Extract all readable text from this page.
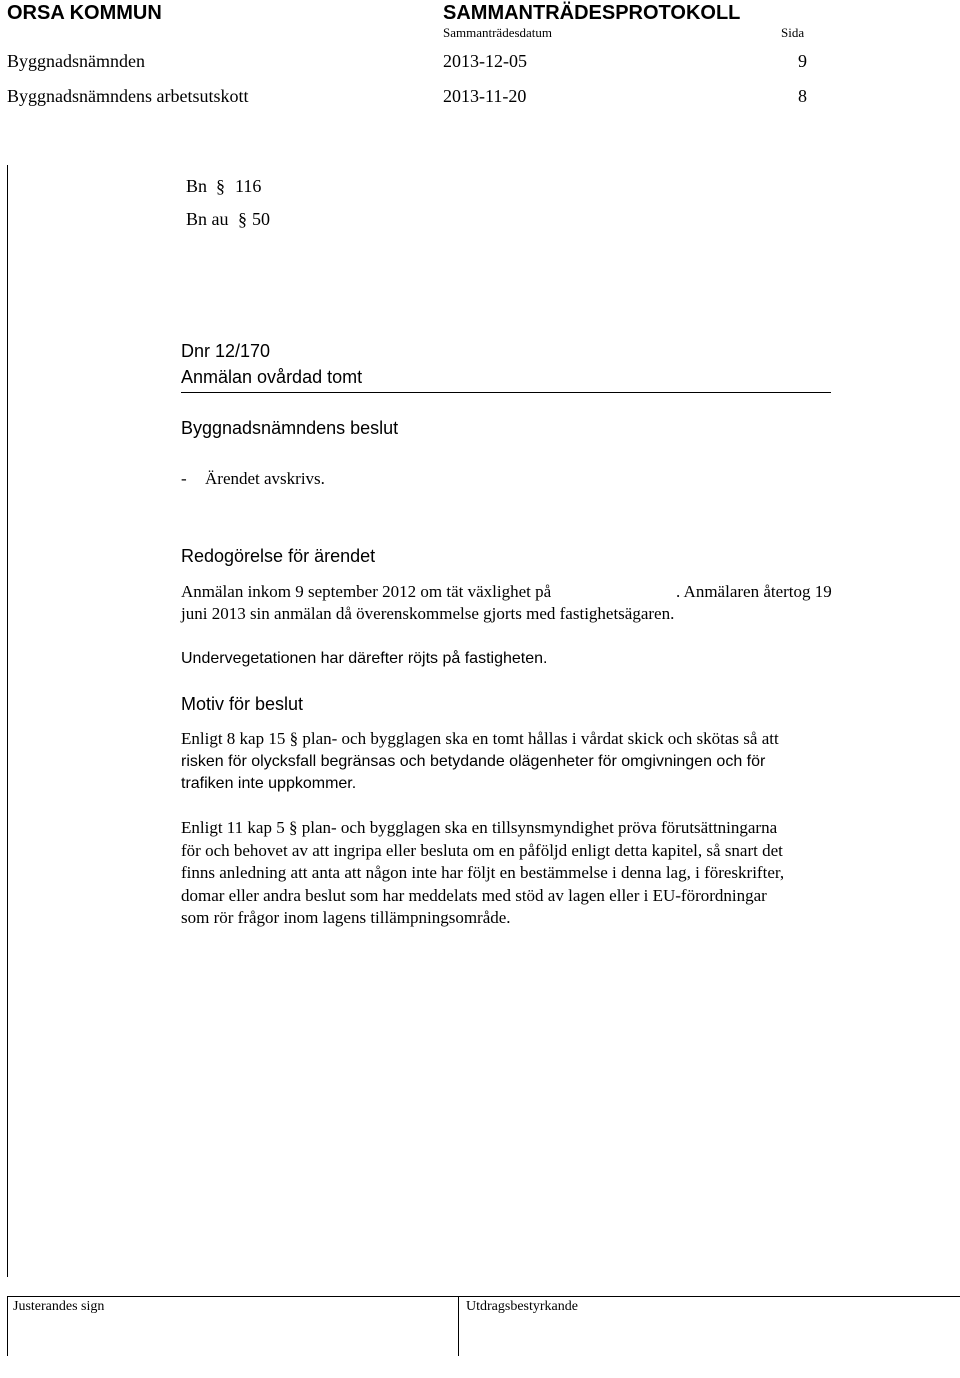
ORSA KOMMUN	SAMMANTRÄDESPROTOKOLL
Sammanträdesdatum	Sida
Byggnadsnämnden	2013-12-05	9
Byggnadsnämndens arbetsutskott	2013-11-20	8
Bn § 116
Bn au § 50
Dnr 12/170
Anmälan ovårdad tomt
Byggnadsnämndens beslut
- Ärendet avskrivs.
Redogörelse för ärendet
Anmälan inkom 9 september 2012 om tät växlighet på	. Anmälaren återtog 19
juni 2013 sin anmälan då överenskommelse gjorts med fastighetsägaren.
Undervegetationen har därefter röjts på fastigheten.
Motiv för beslut
Enligt 8 kap 15 § plan- och bygglagen ska en tomt hållas i vårdat skick och skötas så att
risken för olycksfall begränsas och betydande olägenheter för omgivningen och för
trafiken inte uppkommer.
Enligt 11 kap 5 § plan- och bygglagen ska en tillsynsmyndighet pröva förutsättningarna
för och behovet av att ingripa eller besluta om en påföljd enligt detta kapitel, så snart det
finns anledning att anta att någon inte har följt en bestämmelse i denna lag, i föreskrifter,
domar eller andra beslut som har meddelats med stöd av lagen eller i EU-förordningar
som rör frågor inom lagens tillämpningsområde.
Justerandes sign	Utdragsbestyrkande
